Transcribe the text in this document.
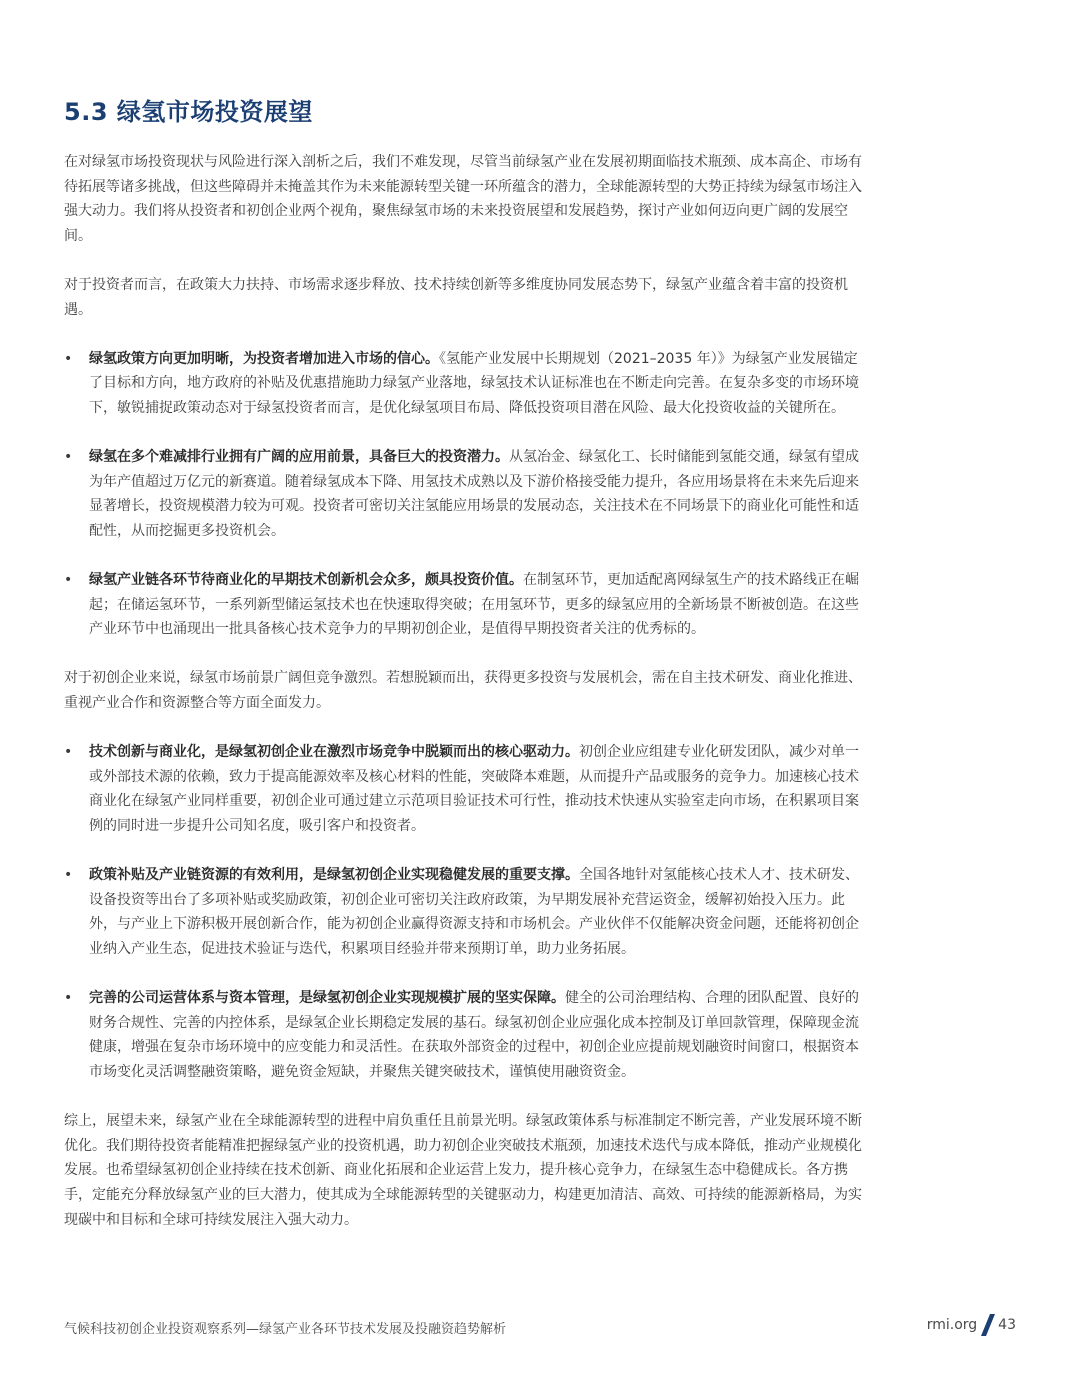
5.3 绿氢市场投资展望

在对绿氢市场投资现状与风险进行深入剖析之后，我们不难发现，尽管当前绿氢产业在发展初期面临技术瓶颈、成本高企、市场有待拓展等诸多挑战，但这些障碍并未掩盖其作为未来能源转型关键一环所蕴含的潜力，全球能源转型的大势正持续为绿氢市场注入强大动力。我们将从投资者和初创企业两个视角，聚焦绿氢市场的未来投资展望和发展趋势，探讨产业如何迈向更广阔的发展空间。

对于投资者而言，在政策大力扶持、市场需求逐步释放、技术持续创新等多维度协同发展态势下，绿氢产业蕴含着丰富的投资机遇。

• 绿氢政策方向更加明晰，为投资者增加进入市场的信心。《氢能产业发展中长期规划（2021–2035 年）》为绿氢产业发展锚定了目标和方向，地方政府的补贴及优惠措施助力绿氢产业落地，绿氢技术认证标准也在不断走向完善。在复杂多变的市场环境下，敏锐捕捉政策动态对于绿氢投资者而言，是优化绿氢项目布局、降低投资项目潜在风险、最大化投资收益的关键所在。
• 绿氢在多个难减排行业拥有广阔的应用前景，具备巨大的投资潜力。从氢冶金、绿氢化工、长时储能到氢能交通，绿氢有望成为年产值超过万亿元的新赛道。随着绿氢成本下降、用氢技术成熟以及下游价格接受能力提升，各应用场景将在未来先后迎来显著增长，投资规模潜力较为可观。投资者可密切关注氢能应用场景的发展动态，关注技术在不同场景下的商业化可能性和适配性，从而挖掘更多投资机会。
• 绿氢产业链各环节待商业化的早期技术创新机会众多，颇具投资价值。在制氢环节，更加适配离网绿氢生产的技术路线正在崛起；在储运氢环节，一系列新型储运氢技术也在快速取得突破；在用氢环节，更多的绿氢应用的全新场景不断被创造。在这些产业环节中也涌现出一批具备核心技术竞争力的早期初创企业，是值得早期投资者关注的优秀标的。

对于初创企业来说，绿氢市场前景广阔但竞争激烈。若想脱颖而出，获得更多投资与发展机会，需在自主技术研发、商业化推进、重视产业合作和资源整合等方面全面发力。

• 技术创新与商业化，是绿氢初创企业在激烈市场竞争中脱颖而出的核心驱动力。初创企业应组建专业化研发团队，减少对单一或外部技术源的依赖，致力于提高能源效率及核心材料的性能，突破降本难题，从而提升产品或服务的竞争力。加速核心技术商业化在绿氢产业同样重要，初创企业可通过建立示范项目验证技术可行性，推动技术快速从实验室走向市场，在积累项目案例的同时进一步提升公司知名度，吸引客户和投资者。
• 政策补贴及产业链资源的有效利用，是绿氢初创企业实现稳健发展的重要支撑。全国各地针对氢能核心技术人才、技术研发、设备投资等出台了多项补贴或奖励政策，初创企业可密切关注政府政策，为早期发展补充营运资金，缓解初始投入压力。此外，与产业上下游积极开展创新合作，能为初创企业赢得资源支持和市场机会。产业伙伴不仅能解决资金问题，还能将初创企业纳入产业生态，促进技术验证与迭代，积累项目经验并带来预期订单，助力业务拓展。
• 完善的公司运营体系与资本管理，是绿氢初创企业实现规模扩展的坚实保障。健全的公司治理结构、合理的团队配置、良好的财务合规性、完善的内控体系，是绿氢企业长期稳定发展的基石。绿氢初创企业应强化成本控制及订单回款管理，保障现金流健康，增强在复杂市场环境中的应变能力和灵活性。在获取外部资金的过程中，初创企业应提前规划融资时间窗口，根据资本市场变化灵活调整融资策略，避免资金短缺，并聚焦关键突破技术，谨慎使用融资资金。

综上，展望未来，绿氢产业在全球能源转型的进程中肩负重任且前景光明。绿氢政策体系与标准制定不断完善，产业发展环境不断优化。我们期待投资者能精准把握绿氢产业的投资机遇，助力初创企业突破技术瓶颈，加速技术迭代与成本降低，推动产业规模化发展。也希望绿氢初创企业持续在技术创新、商业化拓展和企业运营上发力，提升核心竞争力，在绿氢生态中稳健成长。各方携手，定能充分释放绿氢产业的巨大潜力，使其成为全球能源转型的关键驱动力，构建更加清洁、高效、可持续的能源新格局，为实现碳中和目标和全球可持续发展注入强大动力。

气候科技初创企业投资观察系列—绿氢产业各环节技术发展及投融资趋势解析	rmi.org 43
